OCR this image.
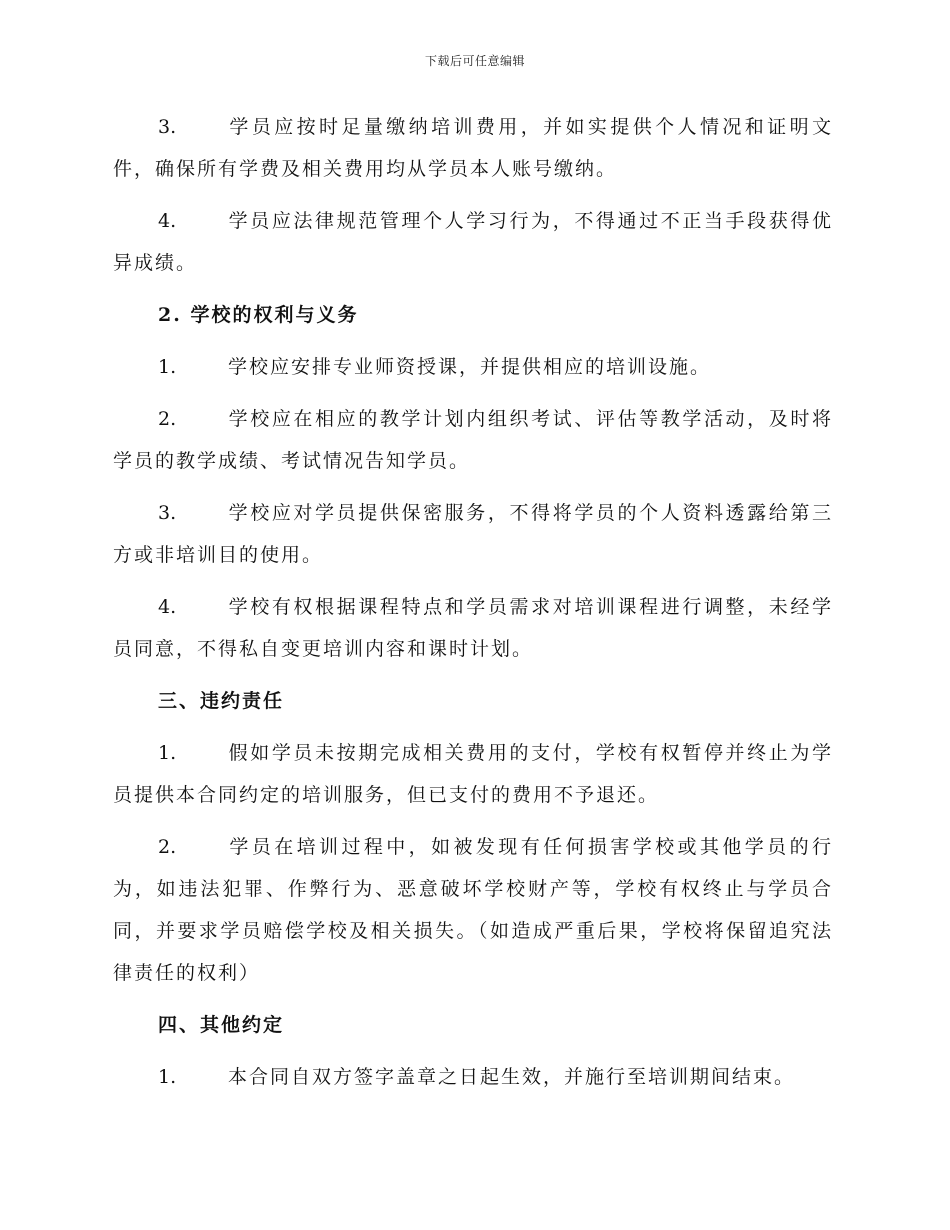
下载后可任意编辑
3.	学员应按时足量缴纳培训费用，并如实提供个人情况和证明文件，确保所有学费及相关费用均从学员本人账号缴纳。
4.	学员应法律规范管理个人学习行为，不得通过不正当手段获得优异成绩。
2. 学校的权利与义务
1.	学校应安排专业师资授课，并提供相应的培训设施。
2.	学校应在相应的教学计划内组织考试、评估等教学活动，及时将学员的教学成绩、考试情况告知学员。
3.	学校应对学员提供保密服务，不得将学员的个人资料透露给第三方或非培训目的使用。
4.	学校有权根据课程特点和学员需求对培训课程进行调整，未经学员同意，不得私自变更培训内容和课时计划。
三、违约责任
1.	假如学员未按期完成相关费用的支付，学校有权暂停并终止为学员提供本合同约定的培训服务，但已支付的费用不予退还。
2.	学员在培训过程中，如被发现有任何损害学校或其他学员的行为，如违法犯罪、作弊行为、恶意破坏学校财产等，学校有权终止与学员合同，并要求学员赔偿学校及相关损失。（如造成严重后果，学校将保留追究法律责任的权利）
四、其他约定
1.	本合同自双方签字盖章之日起生效，并施行至培训期间结束。
